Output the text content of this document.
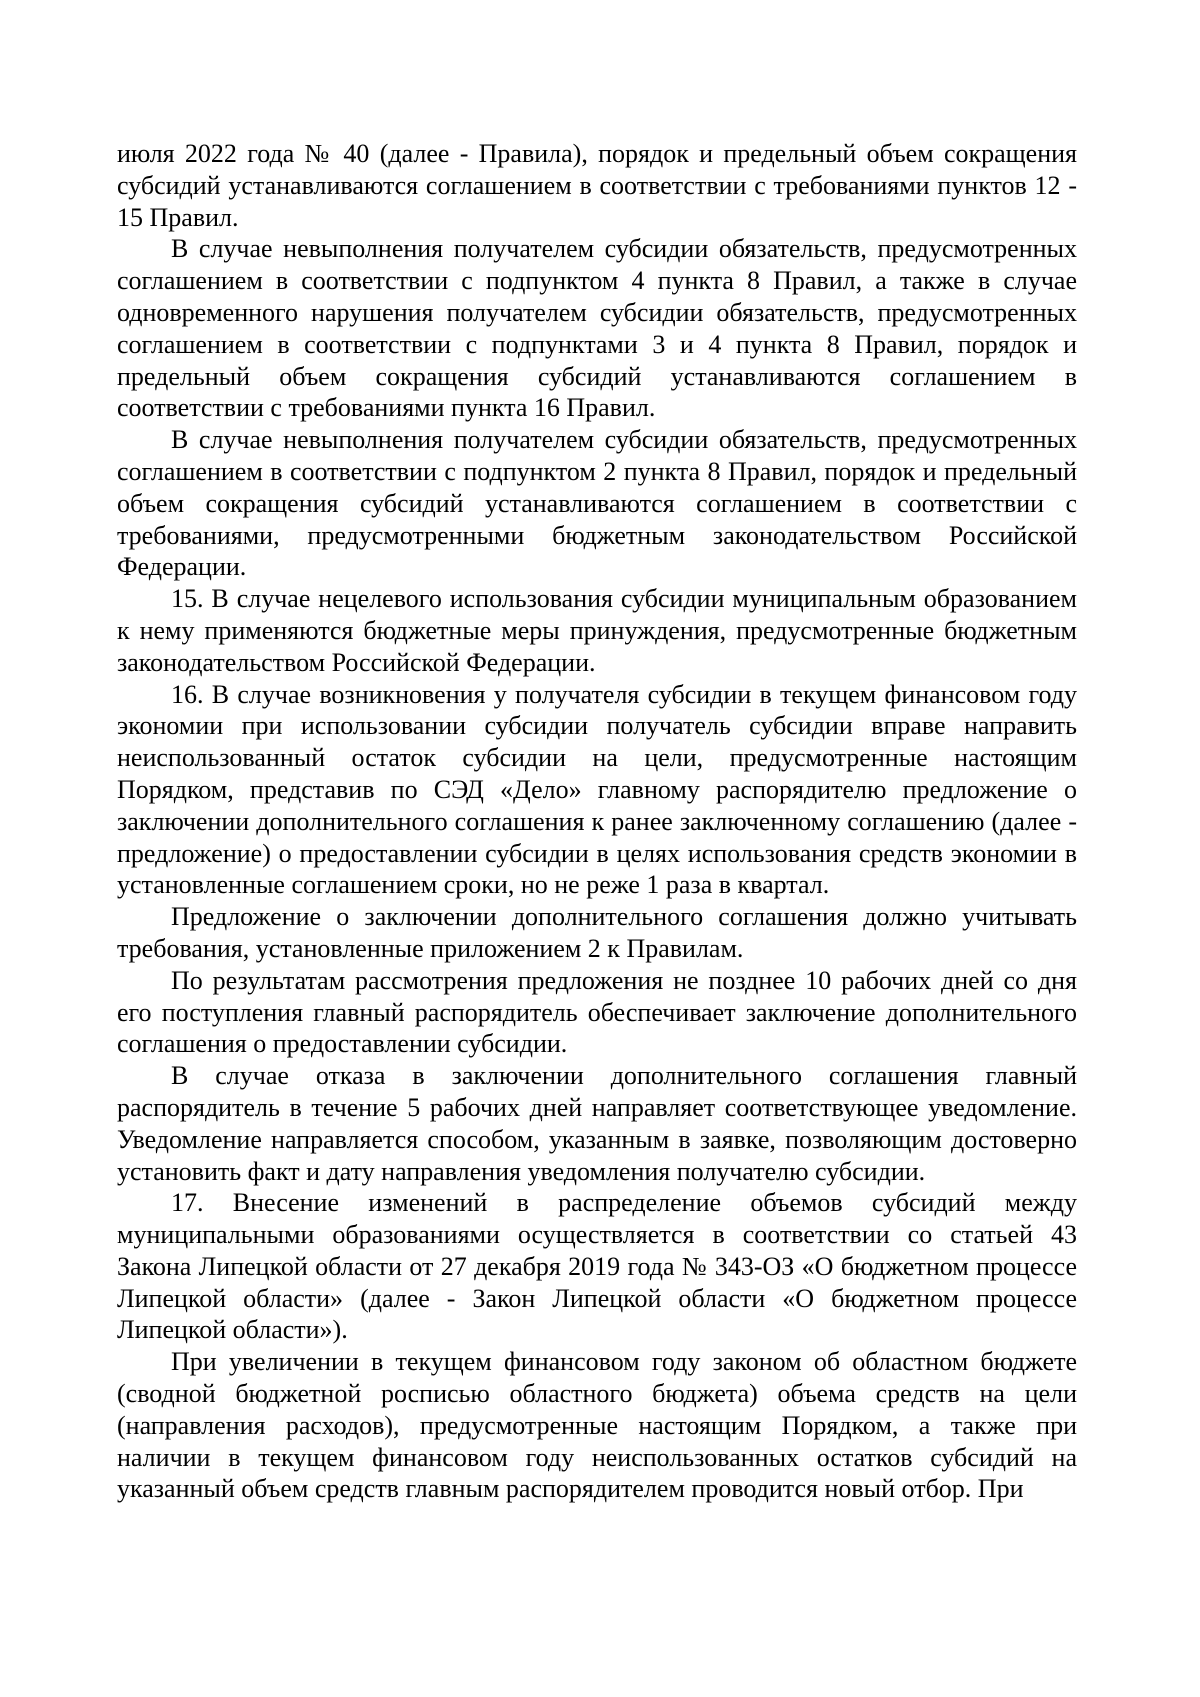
июля 2022 года № 40 (далее - Правила), порядок и предельный объем сокращения субсидий устанавливаются соглашением в соответствии с требованиями пунктов 12 - 15 Правил.

В случае невыполнения получателем субсидии обязательств, предусмотренных соглашением в соответствии с подпунктом 4 пункта 8 Правил, а также в случае одновременного нарушения получателем субсидии обязательств, предусмотренных соглашением в соответствии с подпунктами 3 и 4 пункта 8 Правил, порядок и предельный объем сокращения субсидий устанавливаются соглашением в соответствии с требованиями пункта 16 Правил.

В случае невыполнения получателем субсидии обязательств, предусмотренных соглашением в соответствии с подпунктом 2 пункта 8 Правил, порядок и предельный объем сокращения субсидий устанавливаются соглашением в соответствии с требованиями, предусмотренными бюджетным законодательством Российской Федерации.

15. В случае нецелевого использования субсидии муниципальным образованием к нему применяются бюджетные меры принуждения, предусмотренные бюджетным законодательством Российской Федерации.

16. В случае возникновения у получателя субсидии в текущем финансовом году экономии при использовании субсидии получатель субсидии вправе направить неиспользованный остаток субсидии на цели, предусмотренные настоящим Порядком, представив по СЭД «Дело» главному распорядителю предложение о заключении дополнительного соглашения к ранее заключенному соглашению (далее - предложение) о предоставлении субсидии в целях использования средств экономии в установленные соглашением сроки, но не реже 1 раза в квартал.

Предложение о заключении дополнительного соглашения должно учитывать требования, установленные приложением 2 к Правилам.

По результатам рассмотрения предложения не позднее 10 рабочих дней со дня его поступления главный распорядитель обеспечивает заключение дополнительного соглашения о предоставлении субсидии.

В случае отказа в заключении дополнительного соглашения главный распорядитель в течение 5 рабочих дней направляет соответствующее уведомление. Уведомление направляется способом, указанным в заявке, позволяющим достоверно установить факт и дату направления уведомления получателю субсидии.

17. Внесение изменений в распределение объемов субсидий между муниципальными образованиями осуществляется в соответствии со статьей 43 Закона Липецкой области от 27 декабря 2019 года № 343-ОЗ «О бюджетном процессе Липецкой области» (далее - Закон Липецкой области «О бюджетном процессе Липецкой области»).

При увеличении в текущем финансовом году законом об областном бюджете (сводной бюджетной росписью областного бюджета) объема средств на цели (направления расходов), предусмотренные настоящим Порядком, а также при наличии в текущем финансовом году неиспользованных остатков субсидий на указанный объем средств главным распорядителем проводится новый отбор. При
